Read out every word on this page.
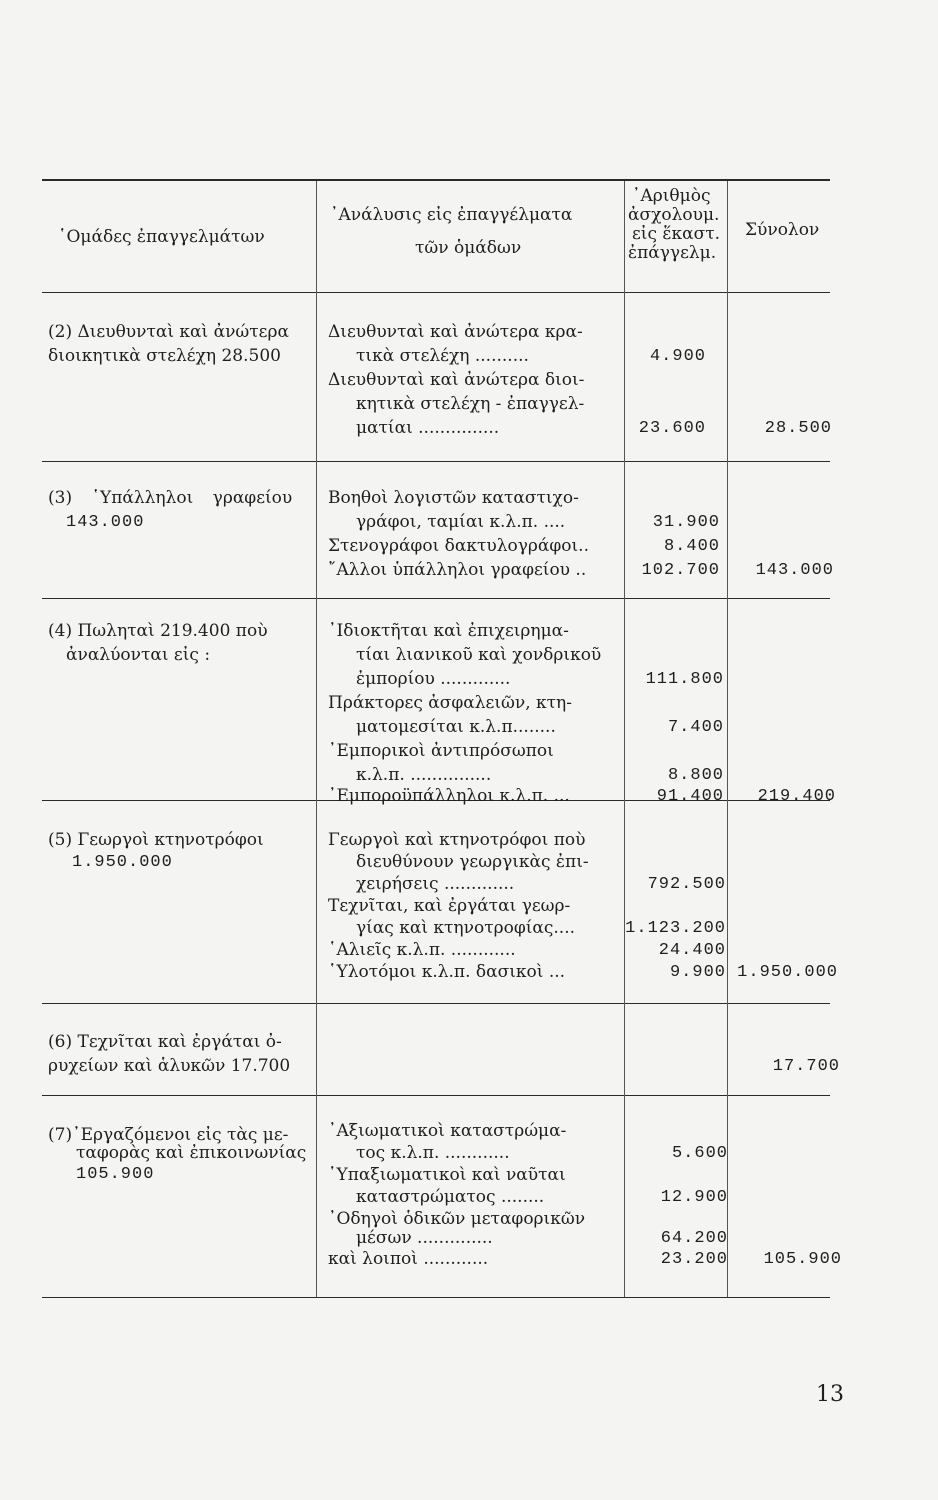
῾Ομάδες ἐπαγγελμάτων
᾽Ανάλυσις εἰς ἐπαγγέλματα
τῶν ὁμάδων
᾽Αριθμὸς
ἀσχολουμ.
εἰς ἕκαστ.
ἐπάγγελμ.
Σύνολον
(2) Διευθυνταὶ καὶ ἀνώτερα
διοικητικὰ στελέχη 28.500
Διευθυνταὶ καὶ ἀνώτερα κρα-
τικὰ στελέχη ..........
Διευθυνταὶ καὶ ἀνώτερα διοι-
κητικὰ στελέχη - ἐπαγγελ-
ματίαι ...............
4.900
23.600	28.500
(3) ῾Υπάλληλοι γραφείου
143.000
Βοηθοὶ λογιστῶν καταστιχο-
γράφοι, ταμίαι κ.λ.π. ....
Στενογράφοι δακτυλογράφοι..
῎Αλλοι ὑπάλληλοι γραφείου ..
31.900
8.400
102.700 143.000
(4) Πωληταὶ 219.400 ποὺ
ἀναλύονται εἰς :
᾽Ιδιοκτῆται καὶ ἐπιχειρημα-
τίαι λιανικοῦ καὶ χονδρικοῦ
ἐμπορίου .............
Πράκτορες ἀσφαλειῶν, κτη-
ματομεσίται κ.λ.π........
᾽Εμπορικοὶ ἀντιπρόσωποι
κ.λ.π. ...............
᾽Εμποροϋπάλληλοι κ.λ.π. ...
111.800
7.400
8.800
91.400 219.400
(5) Γεωργοὶ κτηνοτρόφοι
1.950.000
Γεωργοὶ καὶ κτηνοτρόφοι ποὺ
διευθύνουν γεωργικὰς ἐπι-
χειρήσεις .............
Τεχνῖται, καὶ ἐργάται γεωρ-
γίας καὶ κτηνοτροφίας....
῾Αλιεῖς κ.λ.π. ............
῾Υλοτόμοι κ.λ.π. δασικοὶ ...
792.500
1.123.200
24.400
9.900 1.950.000
(6) Τεχνῖται καὶ ἐργάται ὀ-
ρυχείων καὶ ἁλυκῶν 17.700	17.700
(7)᾽Εργαζόμενοι εἰς τὰς με-
ταφορὰς καὶ ἐπικοινωνίας
105.900
᾽Αξιωματικοὶ καταστρώμα-
τος κ.λ.π. ............
῾Υπαξιωματικοὶ καὶ ναῦται
καταστρώματος ........
᾽Οδηγοὶ ὁδικῶν μεταφορικῶν
μέσων ..............
καὶ λοιποὶ ............
5.600
12.900
64.200
23.200 105.900
13
